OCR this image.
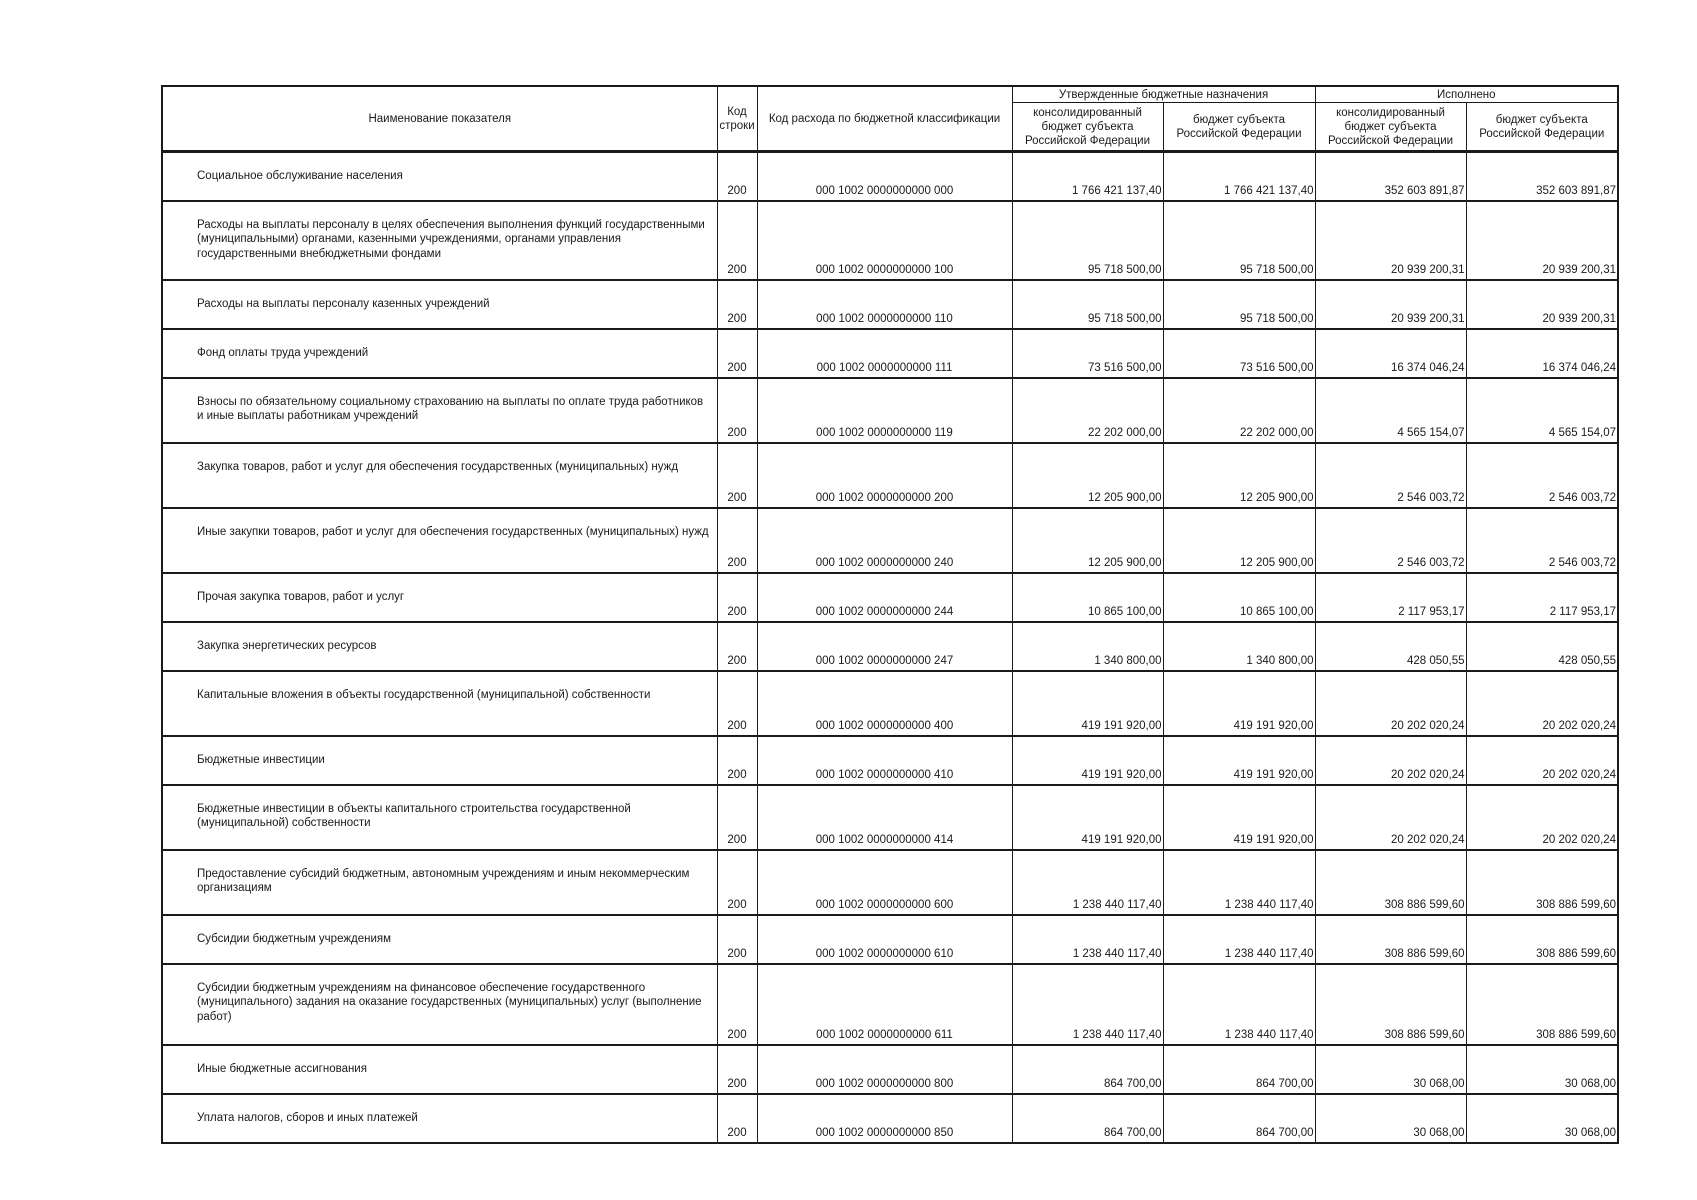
Наименование показателя	Код строки	Код расхода по бюджетной классификации	Утвержденные бюджетные назначения		Исполнено	
			консолидированный бюджет субъекта Российской Федерации	бюджет субъекта Российской Федерации	консолидированный бюджет субъекта Российской Федерации	бюджет субъекта Российской Федерации
Социальное обслуживание населения	200	000 1002 0000000000 000	1 766 421 137,40	1 766 421 137,40	352 603 891,87	352 603 891,87
Расходы на выплаты персоналу в целях обеспечения выполнения функций государственными (муниципальными) органами, казенными учреждениями, органами управления государственными внебюджетными фондами	200	000 1002 0000000000 100	95 718 500,00	95 718 500,00	20 939 200,31	20 939 200,31
Расходы на выплаты персоналу казенных учреждений	200	000 1002 0000000000 110	95 718 500,00	95 718 500,00	20 939 200,31	20 939 200,31
Фонд оплаты труда учреждений	200	000 1002 0000000000 111	73 516 500,00	73 516 500,00	16 374 046,24	16 374 046,24
Взносы по обязательному социальному страхованию на выплаты по оплате труда работников и иные выплаты работникам учреждений	200	000 1002 0000000000 119	22 202 000,00	22 202 000,00	4 565 154,07	4 565 154,07
Закупка товаров, работ и услуг для обеспечения государственных (муниципальных) нужд	200	000 1002 0000000000 200	12 205 900,00	12 205 900,00	2 546 003,72	2 546 003,72
Иные закупки товаров, работ и услуг для обеспечения государственных (муниципальных) нужд	200	000 1002 0000000000 240	12 205 900,00	12 205 900,00	2 546 003,72	2 546 003,72
Прочая закупка товаров, работ и услуг	200	000 1002 0000000000 244	10 865 100,00	10 865 100,00	2 117 953,17	2 117 953,17
Закупка энергетических ресурсов	200	000 1002 0000000000 247	1 340 800,00	1 340 800,00	428 050,55	428 050,55
Капитальные вложения в объекты государственной (муниципальной) собственности	200	000 1002 0000000000 400	419 191 920,00	419 191 920,00	20 202 020,24	20 202 020,24
Бюджетные инвестиции	200	000 1002 0000000000 410	419 191 920,00	419 191 920,00	20 202 020,24	20 202 020,24
Бюджетные инвестиции в объекты капитального строительства государственной (муниципальной) собственности	200	000 1002 0000000000 414	419 191 920,00	419 191 920,00	20 202 020,24	20 202 020,24
Предоставление субсидий бюджетным, автономным учреждениям и иным некоммерческим организациям	200	000 1002 0000000000 600	1 238 440 117,40	1 238 440 117,40	308 886 599,60	308 886 599,60
Субсидии бюджетным учреждениям	200	000 1002 0000000000 610	1 238 440 117,40	1 238 440 117,40	308 886 599,60	308 886 599,60
Субсидии бюджетным учреждениям на финансовое обеспечение государственного (муниципального) задания на оказание государственных (муниципальных) услуг (выполнение работ)	200	000 1002 0000000000 611	1 238 440 117,40	1 238 440 117,40	308 886 599,60	308 886 599,60
Иные бюджетные ассигнования	200	000 1002 0000000000 800	864 700,00	864 700,00	30 068,00	30 068,00
Уплата налогов, сборов и иных платежей	200	000 1002 0000000000 850	864 700,00	864 700,00	30 068,00	30 068,00
